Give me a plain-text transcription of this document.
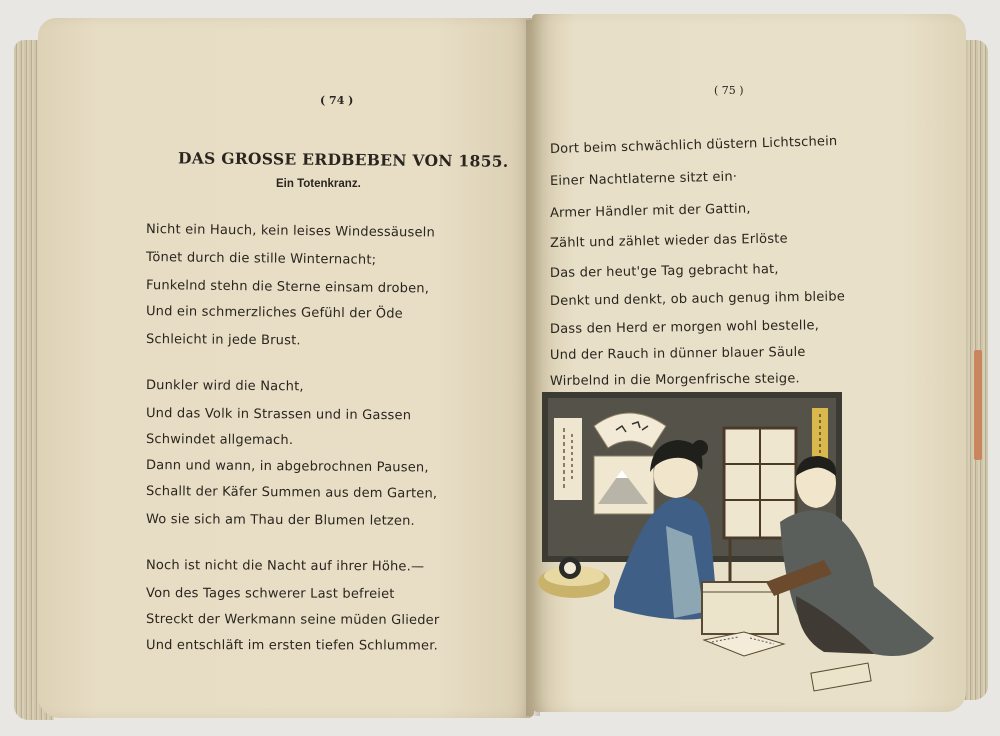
( 74 )
DAS GROSSE ERDBEBEN VON 1855.
Ein Totenkranz.
Nicht ein Hauch, kein leises Windessäuseln
Tönet durch die stille Winternacht;
Funkelnd stehn die Sterne einsam droben,
Und ein schmerzliches Gefühl der Öde
Schleicht in jede Brust.
Dunkler wird die Nacht,
Und das Volk in Strassen und in Gassen
Schwindet allgemach.
Dann und wann, in abgebrochnen Pausen,
Schallt der Käfer Summen aus dem Garten,
Wo sie sich am Thau der Blumen letzen.
Noch ist nicht die Nacht auf ihrer Höhe.—
Von des Tages schwerer Last befreiet
Streckt der Werkmann seine müden Glieder
Und entschläft im ersten tiefen Schlummer.
( 75 )
Dort beim schwächlich düstern Lichtschein
Einer Nachtlaterne sitzt ein·
Armer Händler mit der Gattin,
Zählt und zählet wieder das Erlöste
Das der heut'ge Tag gebracht hat,
Denkt und denkt, ob auch genug ihm bleibe
Dass den Herd er morgen wohl bestelle,
Und der Rauch in dünner blauer Säule
Wirbelnd in die Morgenfrische steige.
